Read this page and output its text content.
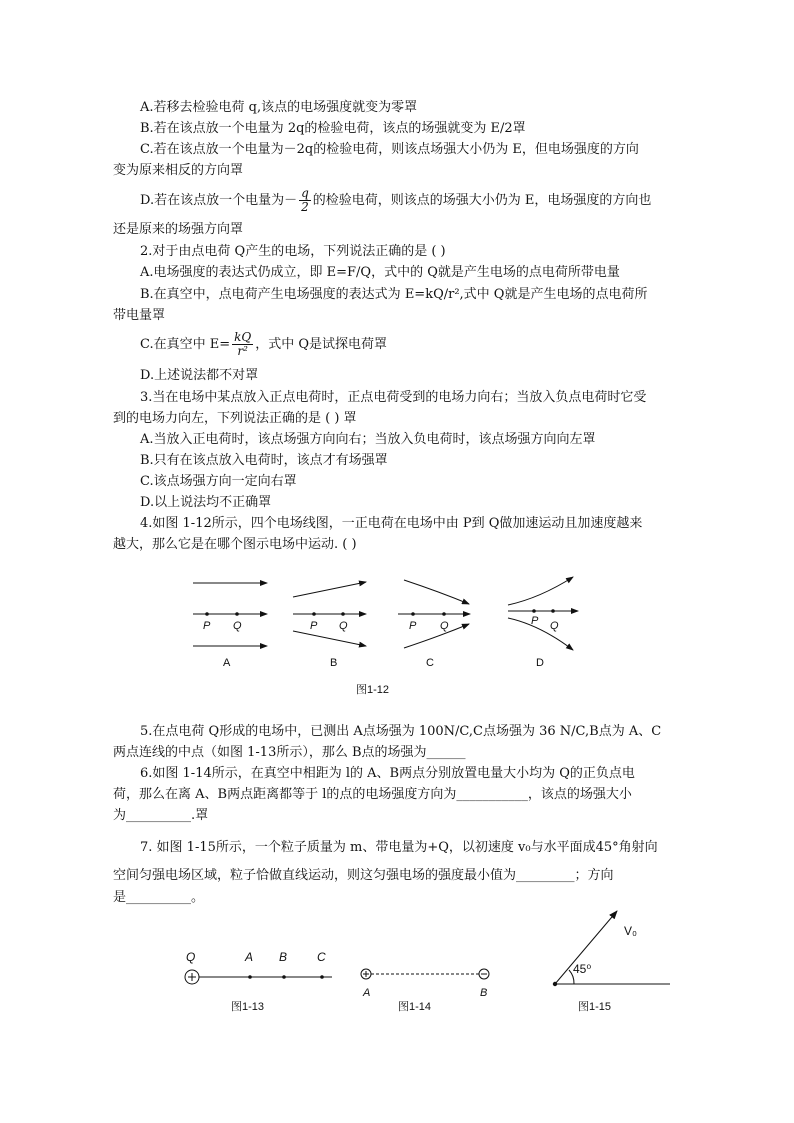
A.若移去检验电荷 q,该点的电场强度就变为零罩
B.若在该点放一个电量为 2q的检验电荷，该点的场强就变为 E/2罩
C.若在该点放一个电量为－2q的检验电荷，则该点场强大小仍为 E，但电场强度的方向
变为原来相反的方向罩
D.若在该点放一个电量为－ $\frac{q}{2}$ 的检验电荷，则该点的场强大小仍为 E，电场强度的方向也
还是原来的场强方向罩
2.对于由点电荷 Q产生的电场，下列说法正确的是 ( )
A.电场强度的表达式仍成立，即 E=F/Q，式中的 Q就是产生电场的点电荷所带电量
B.在真空中，点电荷产生电场强度的表达式为 E=kQ/r²,式中 Q就是产生电场的点电荷所
带电量罩
C.在真空中 $E= \frac{kQ}{\text{r²}}$ ，式中 Q是试探电荷罩
D.上述说法都不对罩
3.当在电场中某点放入正点电荷时，正点电荷受到的电场力向右；当放入负点电荷时它受
到的电场力向左，下列说法正确的是 ( ) 罩
A.当放入正电荷时，该点场强方向向右；当放入负电荷时，该点场强方向向左罩
B.只有在该点放入电荷时，该点才有场强罩
C.该点场强方向一定向右罩
D.以上说法均不正确罩
4.如图 1-12所示，四个电场线图，一正电荷在电场中由 P到 Q做加速运动且加速度越来
越大，那么它是在哪个图示电场中运动. ( )
P Q	P Q	P Q	P Q
A	B	C	D
图1-12
5.在点电荷 Q形成的电场中，已测出 A点场强为 100N/C,C点场强为 36 N/C,B点为 A、C
两点连线的中点（如图 1-13所示），那么 B点的场强为______
6.如图 1-14所示，在真空中相距为 l的 A、B两点分别放置电量大小均为 Q的正负点电
荷，那么在离 A、B两点距离都等于 l的点的电场强度方向为___________，该点的场强大小
为__________.罩
7. 如图 1-15所示，一个粒子质量为 m、带电量为+Q，以初速度 v₀与水平面成45°角射向
空间匀强电场区域，粒子恰做直线运动，则这匀强电场的强度最小值为_________；方向
是__________。
Q	A B C
图1-13
A	B
图1-14
V₀
45⁰
图1-15
